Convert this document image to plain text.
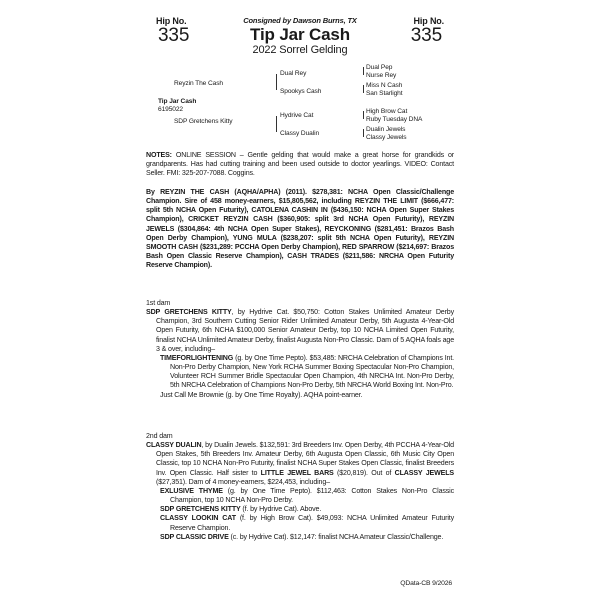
Hip No.
335
Hip No.
335
Consigned by Dawson Burns, TX
Tip Jar Cash
2022 Sorrel Gelding
Dual Pep
Nurse Rey
Miss N Cash
San Starlight
High Brow Cat
Ruby Tuesday DNA
Dualin Jewels
Classy Jewels
Dual Rey
Spookys Cash
Hydrive Cat
Classy Dualin
Reyzin The Cash
SDP Gretchens Kitty
Tip Jar Cash
6195022

NOTES: ONLINE SESSION – Gentle gelding that would make a great horse for grandkids or grandparents. Has had cutting training and been used outside to doctor yearlings. VIDEO: Contact Seller. FMI: 325-207-7088. Coggins.

By REYZIN THE CASH (AQHA/APHA) (2011). $278,381: NCHA Open Classic/Challenge Champion. Sire of 458 money-earners, $15,805,562, including REYZIN THE LIMIT ($666,477: split 5th NCHA Open Futurity), CATOLENA CASHIN IN ($436,150: NCHA Open Super Stakes Champion), CRICKET REYZIN CASH ($360,905: split 3rd NCHA Open Futurity), REYZIN JEWELS ($304,864: 4th NCHA Open Super Stakes), REYCKONING ($281,451: Brazos Bash Open Derby Champion), YUNG MULA ($238,207: split 5th NCHA Open Futurity), REYZIN SMOOTH CASH ($231,289: PCCHA Open Derby Champion), RED SPARROW ($214,697: Brazos Bash Open Classic Reserve Champion), CASH TRADES ($211,586: NRCHA Open Futurity Reserve Champion).

1st dam

SDP GRETCHENS KITTY, by Hydrive Cat. $50,750: Cotton Stakes Unlimited Amateur Derby Champion, 3rd Southern Cutting Senior Rider Unlimited Amateur Derby, 5th Augusta 4-Year-Old Open Futurity, 6th NCHA $100,000 Senior Amateur Derby, top 10 NCHA Limited Open Futurity, finalist NCHA Unlimited Amateur Derby, finalist Augusta Non-Pro Classic. Dam of 5 AQHA foals age 3 & over, including–

TIMEFORLIGHTENING (g. by One Time Pepto). $53,485: NRCHA Celebration of Champions Int. Non-Pro Derby Champion, New York RCHA Summer Boxing Spectacular Non-Pro Champion, Volunteer RCH Summer Bridle Spectacular Open Champion, 4th NRCHA Int. Non-Pro Derby, 5th NRCHA Celebration of Champions Non-Pro Derby, 5th NRCHA World Boxing Int. Non-Pro.

Just Call Me Brownie (g. by One Time Royalty). AQHA point-earner.

2nd dam

CLASSY DUALIN, by Dualin Jewels. $132,591: 3rd Breeders Inv. Open Derby, 4th PCCHA 4-Year-Old Open Stakes, 5th Breeders Inv. Amateur Derby, 6th Augusta Open Classic, 6th Music City Open Classic, top 10 NCHA Non-Pro Futurity, finalist NCHA Super Stakes Open Classic, finalist Breeders Inv. Open Classic. Half sister to LITTLE JEWEL BARS ($20,819). Out of CLASSY JEWELS ($27,351). Dam of 4 money-earners, $224,453, including–

EXLUSIVE THYME (g. by One Time Pepto). $112,463: Cotton Stakes Non-Pro Classic Champion, top 10 NCHA Non-Pro Derby.

SDP GRETCHENS KITTY (f. by Hydrive Cat). Above.

CLASSY LOOKIN CAT (f. by High Brow Cat). $49,093: NCHA Unlimited Amateur Futurity Reserve Champion.

SDP CLASSIC DRIVE (c. by Hydrive Cat). $12,147: finalist NCHA Amateur Classic/Challenge.

QData-CB 9/2026
